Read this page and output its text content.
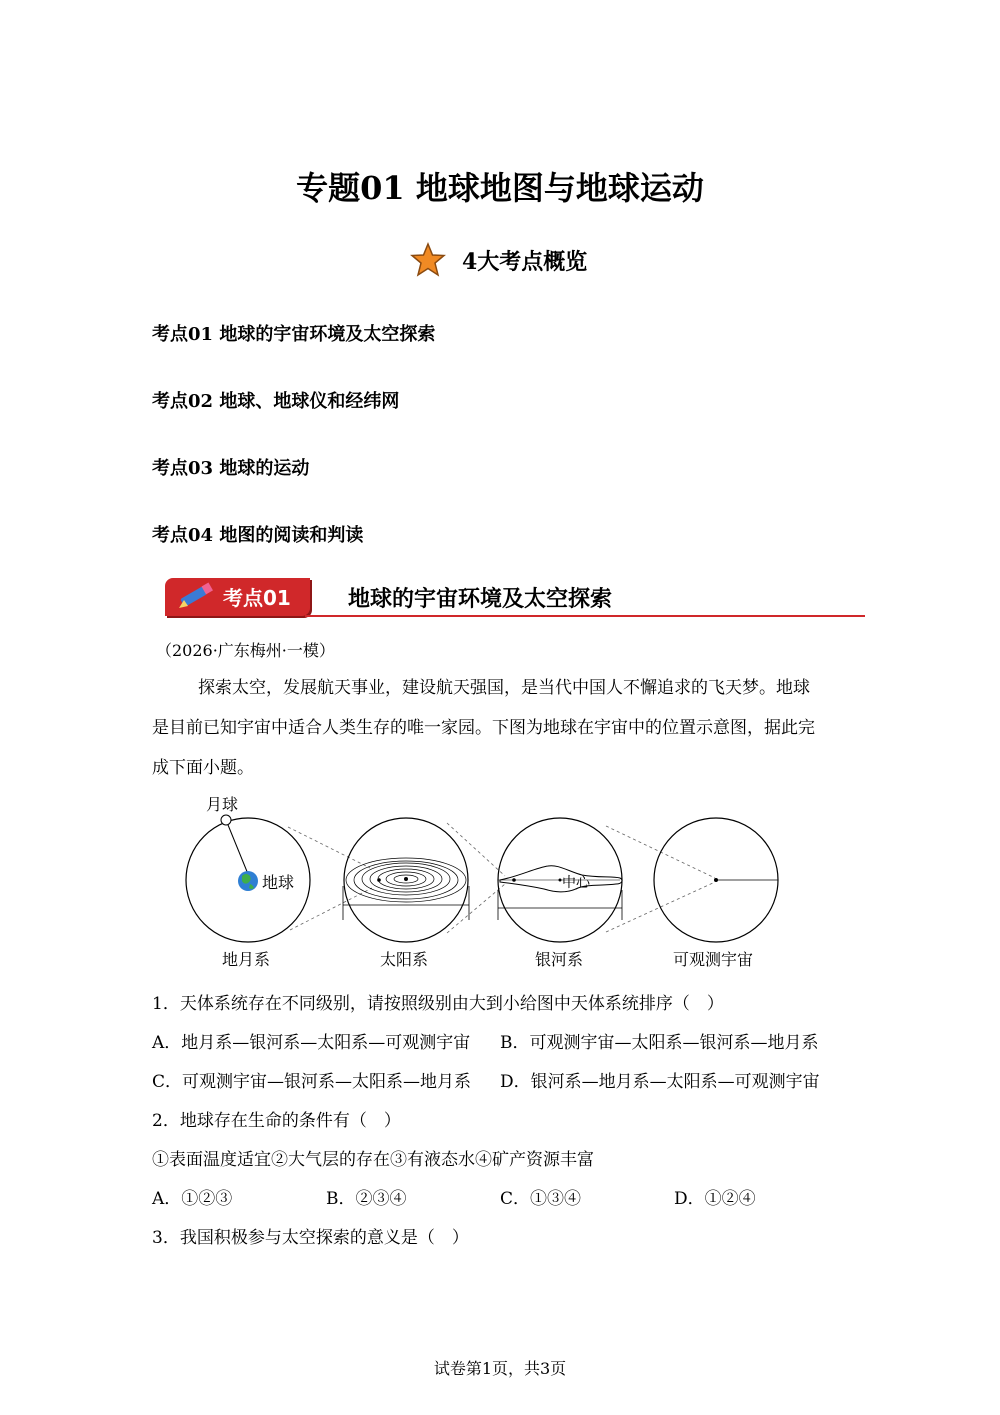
专题01 地球地图与地球运动
4大考点概览
考点01 地球的宇宙环境及太空探索
考点02 地球、地球仪和经纬网
考点03 地球的运动
考点04 地图的阅读和判读
考点01	地球的宇宙环境及太空探索
（2026·广东梅州·一模）
探索太空，发展航天事业，建设航天强国，是当代中国人不懈追求的飞天梦。地球
是目前已知宇宙中适合人类生存的唯一家园。下图为地球在宇宙中的位置示意图，据此完
成下面小题。
月球
地球	中心
地月系	太阳系	银河系	可观测宇宙
1．天体系统存在不同级别，请按照级别由大到小给图中天体系统排序（　）
A．地月系—银河系—太阳系—可观测宇宙 B．可观测宇宙—太阳系—银河系—地月系
C．可观测宇宙—银河系—太阳系—地月系 D．银河系—地月系—太阳系—可观测宇宙
2．地球存在生命的条件有（　）
①表面温度适宜②大气层的存在③有液态水④矿产资源丰富
A．①②③	B．②③④	C．①③④	D．①②④
3．我国积极参与太空探索的意义是（　）
试卷第1页，共3页
